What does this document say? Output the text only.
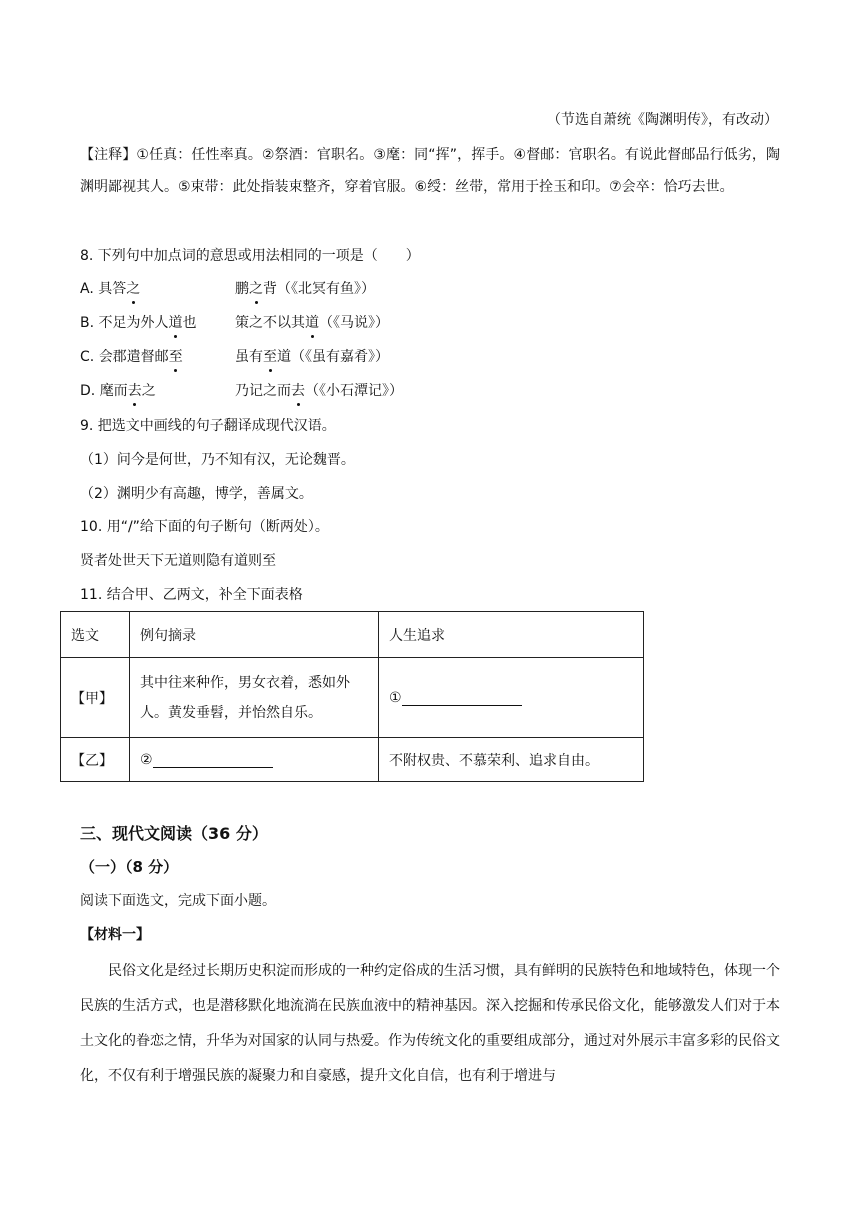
（节选自萧统《陶渊明传》，有改动）
【注释】①任真：任性率真。②祭酒：官职名。③麾：同“挥”，挥手。④督邮：官职名。有说此督邮品行低劣，陶渊明鄙视其人。⑤束带：此处指装束整齐，穿着官服。⑥绶：丝带，常用于拴玉和印。⑦会卒：恰巧去世。
8. 下列句中加点词的意思或用法相同的一项是（　　）
A. 具答之	鹏之背（《北冥有鱼》）
B. 不足为外人道也	策之不以其道（《马说》）
C. 会郡遣督邮至	虽有至道（《虽有嘉肴》）
D. 麾而去之	乃记之而去（《小石潭记》）
9. 把选文中画线的句子翻译成现代汉语。
（1）问今是何世，乃不知有汉，无论魏晋。
（2）渊明少有高趣，博学，善属文。
10. 用“/”给下面的句子断句（断两处）。
贤者处世天下无道则隐有道则至
11. 结合甲、乙两文，补全下面表格
选文	例句摘录	人生追求
【甲】	其中往来种作，男女衣着，悉如外人。黄发垂髫，并怡然自乐。	①
【乙】	②	不附权贵、不慕荣利、追求自由。
三、现代文阅读（36 分）
（一）（8 分）
阅读下面选文，完成下面小题。
【材料一】
民俗文化是经过长期历史积淀而形成的一种约定俗成的生活习惯，具有鲜明的民族特色和地域特色，体现一个民族的生活方式，也是潜移默化地流淌在民族血液中的精神基因。深入挖掘和传承民俗文化，能够激发人们对于本土文化的眷恋之情，升华为对国家的认同与热爱。作为传统文化的重要组成部分，通过对外展示丰富多彩的民俗文化，不仅有利于增强民族的凝聚力和自豪感，提升文化自信，也有利于增进与
